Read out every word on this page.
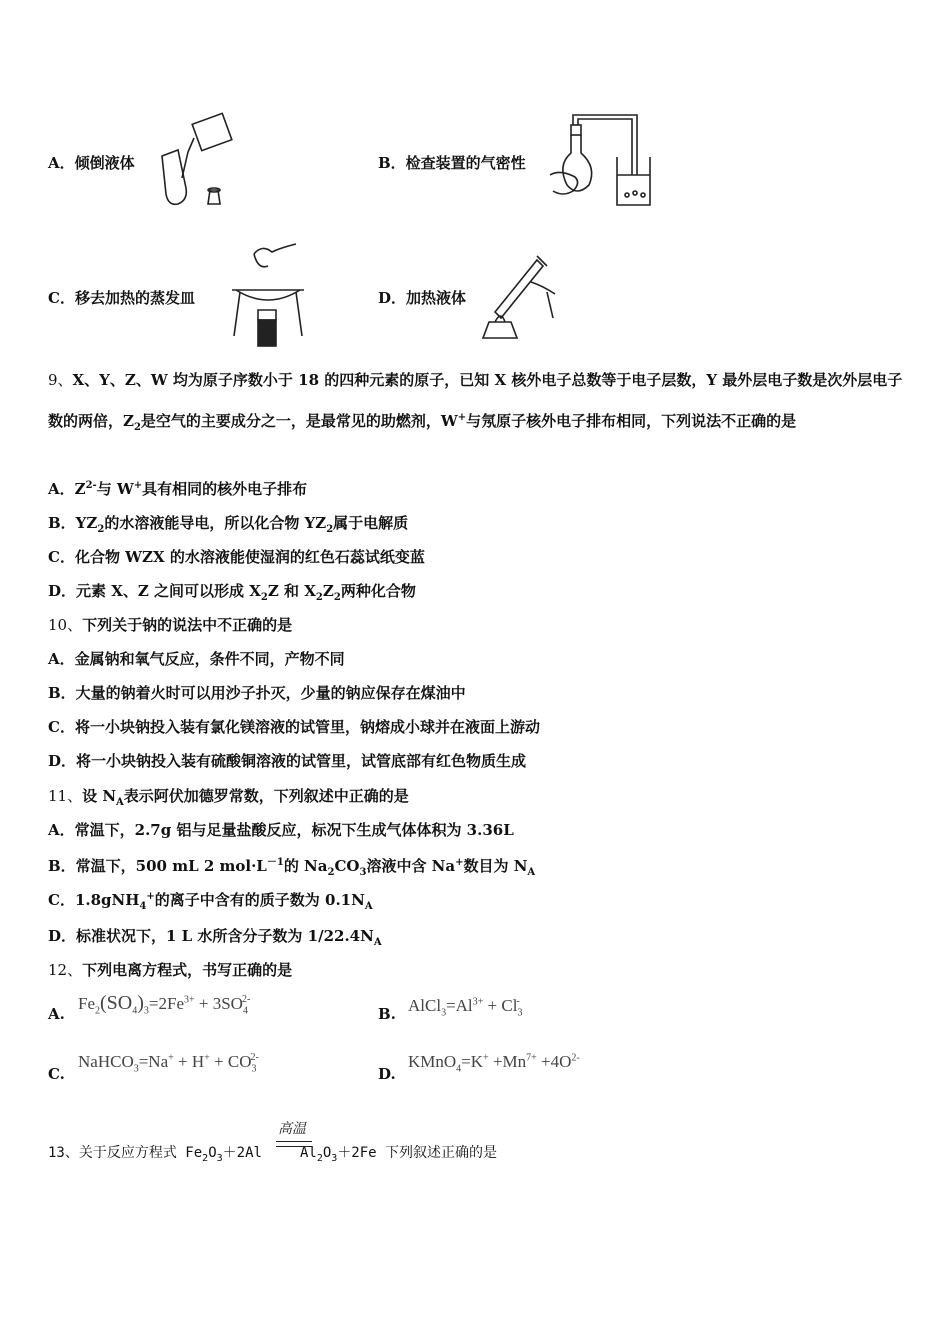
A．倾倒液体	B．检查装置的气密性
C．移去加热的蒸发皿	D．加热液体
9、X、Y、Z、W 均为原子序数小于 18 的四种元素的原子，已知 X 核外电子总数等于电子层数，Y 最外层电子数是次外层电子数的两倍，$Z_2$是空气的主要成分之一，是最常见的助燃剂，W+与氖原子核外电子排布相同，下列说法不正确的是
A．$Z^{2-}$与 W+具有相同的核外电子排布
B．$YZ_2$的水溶液能导电，所以化合物 $YZ_2$属于电解质
C．化合物 WZX 的水溶液能使湿润的红色石蕊试纸变蓝
D．元素 X、Z 之间可以形成 $X_2Z$ 和 $X_2Z_2$两种化合物
10、下列关于钠的说法中不正确的是
A．金属钠和氧气反应，条件不同，产物不同
B．大量的钠着火时可以用沙子扑灭，少量的钠应保存在煤油中
C．将一小块钠投入装有氯化镁溶液的试管里，钠熔成小球并在液面上游动
D．将一小块钠投入装有硫酸铜溶液的试管里，试管底部有红色物质生成
11、设 $N_A$表示阿伏加德罗常数，下列叙述中正确的是
A．常温下，2.7g 铝与足量盐酸反应，标况下生成气体体积为 3.36L
B．常温下，500 mL 2 $mol\cdot L^{-1}$的 $Na_2CO_3$溶液中含 Na+数目为 $N_A$
C．1.8gNH$_4$+的离子中含有的质子数为 $0.1N_A$
D．标准状况下，1 L 水所含分子数为 $1/22.4N_A$
12、下列电离方程式，书写正确的是
A.
$Fe_2(SO_4)_3=2Fe^{3+} + 3SO_4^{2-}$
B. $AlCl_3=Al^{3+} + Cl_3^-$
C.
NaHCO$_3$=Na+ + $H^+ + CO_3^{2-}$
D.
KMnO$_4$=K+ $+Mn^{7+} +4O^{2-}$
高温
13、关于反应方程式 $Fe_2O_3+2Al$	$Al_2O_3+2Fe$ 下列叙述正确的是
